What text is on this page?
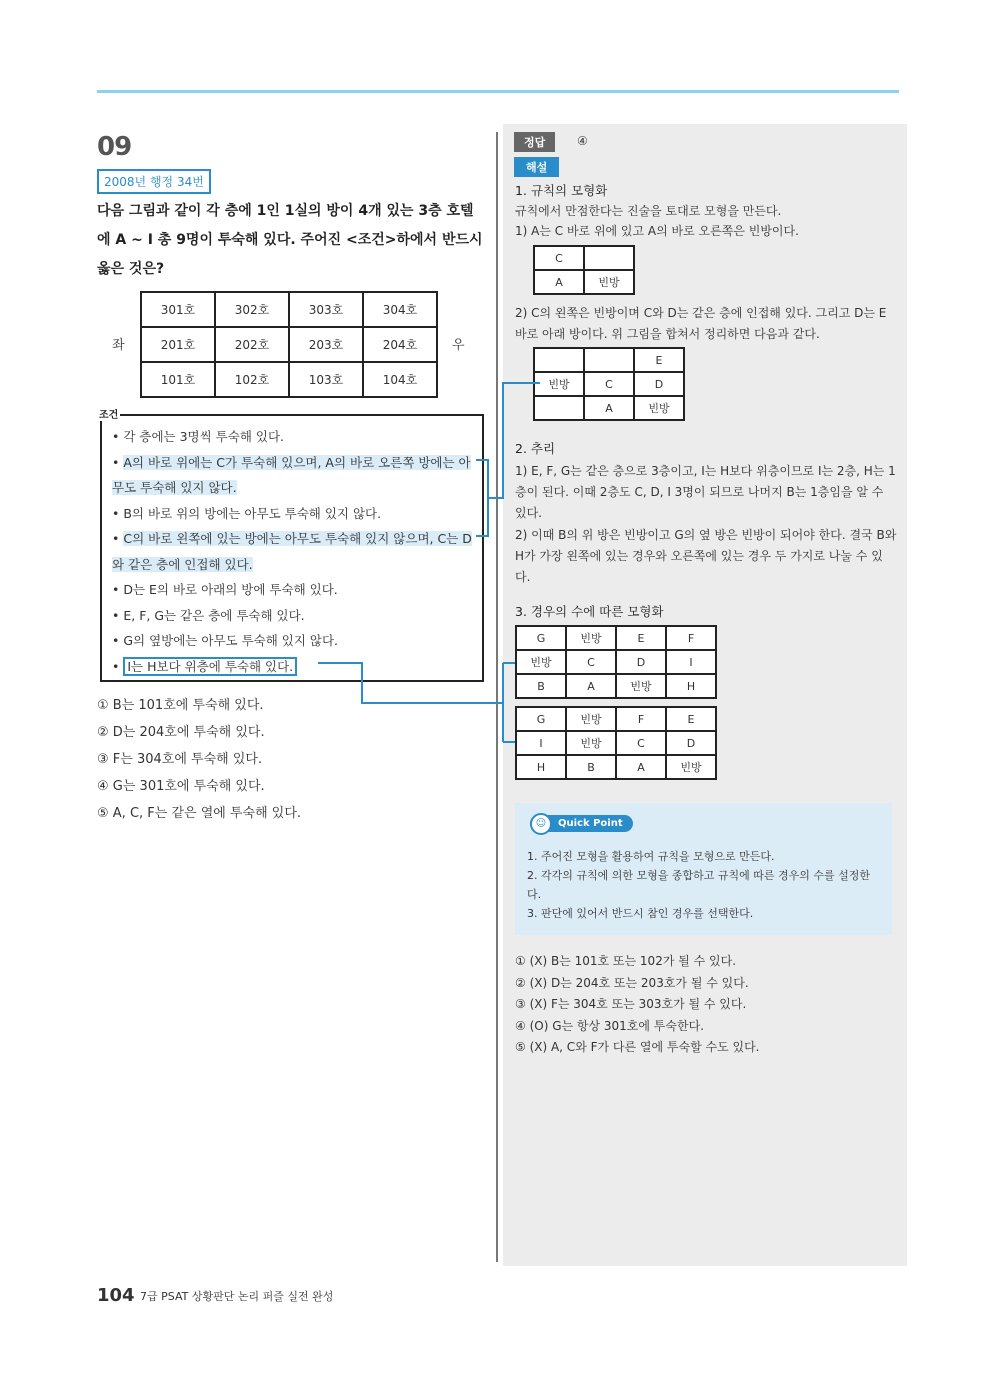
09
2008년 행정 34번
다음 그림과 같이 각 층에 1인 1실의 방이 4개 있는 3층 호텔에 A ~ I 총 9명이 투숙해 있다. 주어진 <조건>하에서 반드시 옳은 것은?
좌
301호	302호	303호	304호
201호	202호	203호	204호
101호	102호	103호	104호
우
조건
• 각 층에는 3명씩 투숙해 있다.
• A의 바로 위에는 C가 투숙해 있으며, A의 바로 오른쪽 방에는 아무도 투숙해 있지 않다.
• B의 바로 위의 방에는 아무도 투숙해 있지 않다.
• C의 바로 왼쪽에 있는 방에는 아무도 투숙해 있지 않으며, C는 D와 같은 층에 인접해 있다.
• D는 E의 바로 아래의 방에 투숙해 있다.
• E, F, G는 같은 층에 투숙해 있다.
• G의 옆방에는 아무도 투숙해 있지 않다.
• I는 H보다 위층에 투숙해 있다.
① B는 101호에 투숙해 있다.
② D는 204호에 투숙해 있다.
③ F는 304호에 투숙해 있다.
④ G는 301호에 투숙해 있다.
⑤ A, C, F는 같은 열에 투숙해 있다.
정답	④
해설
1. 규칙의 모형화
규칙에서 만점한다는 진술을 토대로 모형을 만든다.
1) A는 C 바로 위에 있고 A의 바로 오른쪽은 빈방이다.
C	
A	빈방
2) C의 왼쪽은 빈방이며 C와 D는 같은 층에 인접해 있다. 그리고 D는 E 바로 아래 방이다. 위 그림을 합쳐서 정리하면 다음과 같다.
		E
빈방	C	D
	A	빈방
2. 추리
1) E, F, G는 같은 층으로 3층이고, I는 H보다 위층이므로 I는 2층, H는 1층이 된다. 이때 2층도 C, D, I 3명이 되므로 나머지 B는 1층임을 알 수 있다.
2) 이때 B의 위 방은 빈방이고 G의 옆 방은 빈방이 되어야 한다. 결국 B와 H가 가장 왼쪽에 있는 경우와 오른쪽에 있는 경우 두 가지로 나눌 수 있다.
3. 경우의 수에 따른 모형화
G	빈방	E	F
빈방	C	D	I
B	A	빈방	H
G	빈방	F	E
I	빈방	C	D
H	B	A	빈방
Quick Point
☺
1. 주어진 모형을 활용하여 규칙을 모형으로 만든다.
2. 각각의 규칙에 의한 모형을 종합하고 규칙에 따른 경우의 수를 설정한다.
3. 판단에 있어서 반드시 참인 경우를 선택한다.
① (X) B는 101호 또는 102가 될 수 있다.
② (X) D는 204호 또는 203호가 될 수 있다.
③ (X) F는 304호 또는 303호가 될 수 있다.
④ (O) G는 항상 301호에 투숙한다.
⑤ (X) A, C와 F가 다른 열에 투숙할 수도 있다.
104 7급 PSAT 상황판단 논리 퍼즐 실전 완성
